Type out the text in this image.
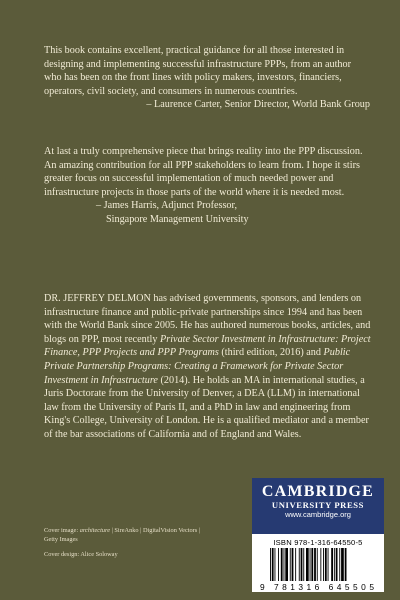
This book contains excellent, practical guidance for all those interested in designing and implementing successful infrastructure PPPs, from an author who has been on the front lines with policy makers, investors, financiers, operators, civil society, and consumers in numerous countries.

– Laurence Carter, Senior Director, World Bank Group

At last a truly comprehensive piece that brings reality into the PPP discussion. An amazing contribution for all PPP stakeholders to learn from. I hope it stirs greater focus on successful implementation of much needed power and infrastructure projects in those parts of the world where it is needed most.

– James Harris, Adjunct Professor,

Singapore Management University

DR. JEFFREY DELMON has advised governments, sponsors, and lenders on infrastructure finance and public-private partnerships since 1994 and has been with the World Bank since 2005. He has authored numerous books, articles, and blogs on PPP, most recently Private Sector Investment in Infrastructure: Project Finance, PPP Projects and PPP Programs (third edition, 2016) and Public Private Partnership Programs: Creating a Framework for Private Sector Investment in Infrastructure (2014). He holds an MA in international studies, a Juris Doctorate from the University of Denver, a DEA (LLM) in international law from the University of Paris II, and a PhD in law and engineering from King's College, University of London. He is a qualified mediator and a member of the bar associations of California and of England and Wales.

Cover image: architecture | SireAnko | DigitalVision Vectors | Getty Images
Cover design: Alice Soloway
CAMBRIDGE
UNIVERSITY PRESS
www.cambridge.org
ISBN 978-1-316-64550-5
9 781316 645505
